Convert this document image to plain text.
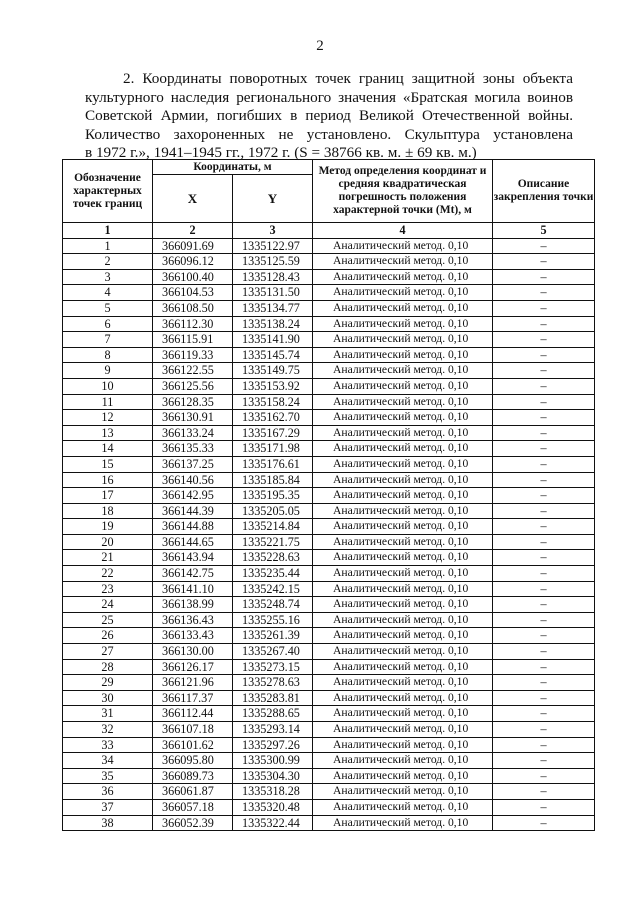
2
2. Координаты поворотных точек границ защитной зоны объекта
культурного наследия регионального значения «Братская могила воинов
Советской Армии, погибших в период Великой Отечественной войны.
Количество захороненных не установлено. Скульптура установлена
в 1972 г.», 1941–1945 гг., 1972 г. (S = 38766 кв. м. ± 69 кв. м.)
Обозначение характерных точек границ	Координаты, м		Метод определения координат и средняя квадратическая погрешность положения характерной точки (Mt), м	Описание закрепления точки
	X	Y		
1	2	3	4	5
1	366091.69	1335122.97	Аналитический метод. 0,10	–
2	366096.12	1335125.59	Аналитический метод. 0,10	–
3	366100.40	1335128.43	Аналитический метод. 0,10	–
4	366104.53	1335131.50	Аналитический метод. 0,10	–
5	366108.50	1335134.77	Аналитический метод. 0,10	–
6	366112.30	1335138.24	Аналитический метод. 0,10	–
7	366115.91	1335141.90	Аналитический метод. 0,10	–
8	366119.33	1335145.74	Аналитический метод. 0,10	–
9	366122.55	1335149.75	Аналитический метод. 0,10	–
10	366125.56	1335153.92	Аналитический метод. 0,10	–
11	366128.35	1335158.24	Аналитический метод. 0,10	–
12	366130.91	1335162.70	Аналитический метод. 0,10	–
13	366133.24	1335167.29	Аналитический метод. 0,10	–
14	366135.33	1335171.98	Аналитический метод. 0,10	–
15	366137.25	1335176.61	Аналитический метод. 0,10	–
16	366140.56	1335185.84	Аналитический метод. 0,10	–
17	366142.95	1335195.35	Аналитический метод. 0,10	–
18	366144.39	1335205.05	Аналитический метод. 0,10	–
19	366144.88	1335214.84	Аналитический метод. 0,10	–
20	366144.65	1335221.75	Аналитический метод. 0,10	–
21	366143.94	1335228.63	Аналитический метод. 0,10	–
22	366142.75	1335235.44	Аналитический метод. 0,10	–
23	366141.10	1335242.15	Аналитический метод. 0,10	–
24	366138.99	1335248.74	Аналитический метод. 0,10	–
25	366136.43	1335255.16	Аналитический метод. 0,10	–
26	366133.43	1335261.39	Аналитический метод. 0,10	–
27	366130.00	1335267.40	Аналитический метод. 0,10	–
28	366126.17	1335273.15	Аналитический метод. 0,10	–
29	366121.96	1335278.63	Аналитический метод. 0,10	–
30	366117.37	1335283.81	Аналитический метод. 0,10	–
31	366112.44	1335288.65	Аналитический метод. 0,10	–
32	366107.18	1335293.14	Аналитический метод. 0,10	–
33	366101.62	1335297.26	Аналитический метод. 0,10	–
34	366095.80	1335300.99	Аналитический метод. 0,10	–
35	366089.73	1335304.30	Аналитический метод. 0,10	–
36	366061.87	1335318.28	Аналитический метод. 0,10	–
37	366057.18	1335320.48	Аналитический метод. 0,10	–
38	366052.39	1335322.44	Аналитический метод. 0,10	–
